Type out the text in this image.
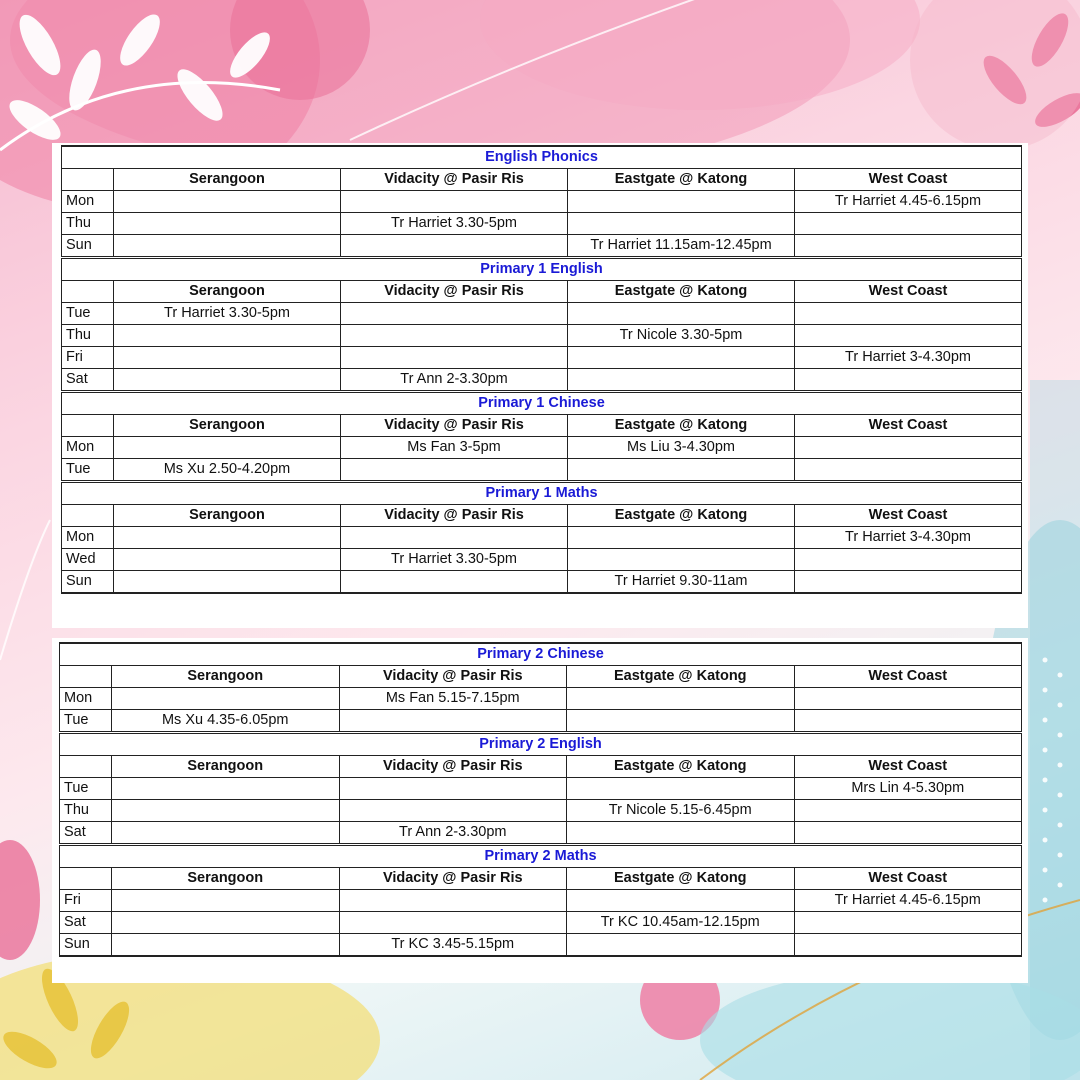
English Phonics				
	Serangoon	Vidacity @ Pasir Ris	Eastgate @ Katong	West Coast
Mon				Tr Harriet 4.45-6.15pm
Thu		Tr Harriet 3.30-5pm		
Sun			Tr Harriet 11.15am-12.45pm	
Primary 1 English				
	Serangoon	Vidacity @ Pasir Ris	Eastgate @ Katong	West Coast
Tue	Tr Harriet 3.30-5pm			
Thu			Tr Nicole 3.30-5pm	
Fri				Tr Harriet 3-4.30pm
Sat		Tr Ann 2-3.30pm		
Primary 1 Chinese				
	Serangoon	Vidacity @ Pasir Ris	Eastgate @ Katong	West Coast
Mon		Ms Fan 3-5pm	Ms Liu 3-4.30pm	
Tue	Ms Xu 2.50-4.20pm			
Primary 1 Maths				
	Serangoon	Vidacity @ Pasir Ris	Eastgate @ Katong	West Coast
Mon				Tr Harriet 3-4.30pm
Wed		Tr Harriet 3.30-5pm		
Sun			Tr Harriet 9.30-11am	
Primary 2 Chinese				
	Serangoon	Vidacity @ Pasir Ris	Eastgate @ Katong	West Coast
Mon		Ms Fan 5.15-7.15pm		
Tue	Ms Xu 4.35-6.05pm			
Primary 2 English				
	Serangoon	Vidacity @ Pasir Ris	Eastgate @ Katong	West Coast
Tue				Mrs Lin 4-5.30pm
Thu			Tr Nicole 5.15-6.45pm	
Sat		Tr Ann 2-3.30pm		
Primary 2 Maths				
	Serangoon	Vidacity @ Pasir Ris	Eastgate @ Katong	West Coast
Fri				Tr Harriet 4.45-6.15pm
Sat			Tr KC 10.45am-12.15pm	
Sun		Tr KC 3.45-5.15pm		
